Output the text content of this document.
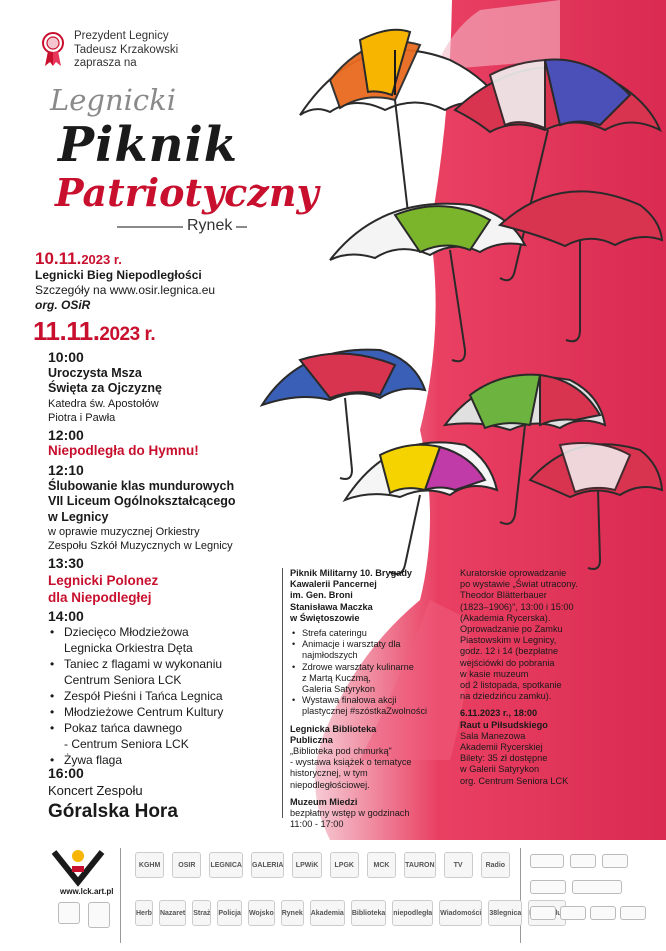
Prezydent Legnicy
Tadeusz Krzakowski
zaprasza na
Legnicki
Piknik
Patriotyczny
Rynek
10.11.2023 r.
Legnicki Bieg Niepodległości
Szczegóły na www.osir.legnica.eu
org. OSiR
11.11.2023 r.
10:00
Uroczysta Msza
Święta za Ojczyznę
Katedra św. Apostołów
Piotra i Pawła
12:00
Niepodległa do Hymnu!
12:10
Ślubowanie klas mundurowych
VII Liceum Ogólnokształcącego
w Legnicy
w oprawie muzycznej Orkiestry
Zespołu Szkół Muzycznych w Legnicy
13:30
Legnicki Polonez
dla Niepodległej
14:00
• Dziecięco Młodzieżowa
Legnicka Orkiestra Dęta
• Taniec z flagami w wykonaniu
Centrum Seniora LCK
• Zespół Pieśni i Tańca Legnica
• Młodzieżowe Centrum Kultury
• Pokaz tańca dawnego
- Centrum Seniora LCK
• Żywa flaga
16:00
Koncert Zespołu
Góralska Hora
Piknik Militarny 10. Brygady
Kawalerii Pancernej
im. Gen. Broni
Stanisława Maczka
w Świętoszowie
• Strefa cateringu
• Animacje i warsztaty dla
najmłodszych
• Zdrowe warsztaty kulinarne
z Martą Kuczmą,
Galeria Satyrykon
• Wystawa finałowa akcji
plastycznej #szóstkaZwolności
Legnicka Biblioteka
Publiczna
„Biblioteka pod chmurką"
- wystawa książek o tematyce
historycznej, w tym
niepodległościowej.
Muzeum Miedzi
bezpłatny wstęp w godzinach
11:00 - 17:00
Kuratorskie oprowadzanie
po wystawie „Świat utracony.
Theodor Blätterbauer
(1823–1906)", 13:00 i 15:00
(Akademia Rycerska).
Oprowadzanie po Zamku
Piastowskim w Legnicy,
godz. 12 i 14 (bezpłatne
wejściówki do pobrania
w kasie muzeum
od 2 listopada, spotkanie
na dziedzińcu zamku).
6.11.2023 r., 18:00
Raut u Piłsudskiego
Sala Manezowa
Akademii Rycerskiej
Bilety: 35 zł dostępne
w Galerii Satyrykon
org. Centrum Seniora LCK
www.lck.art.pl
KGHM	OSIR	LEGNICA GALERIA	LPWiK	LPGK	MCK	TAURON	TV	Radio
Herb Nazaret Straż Policja Wojsko Rynek Akademia Biblioteka niepodległa Wiadomości 38legnica	Plus
